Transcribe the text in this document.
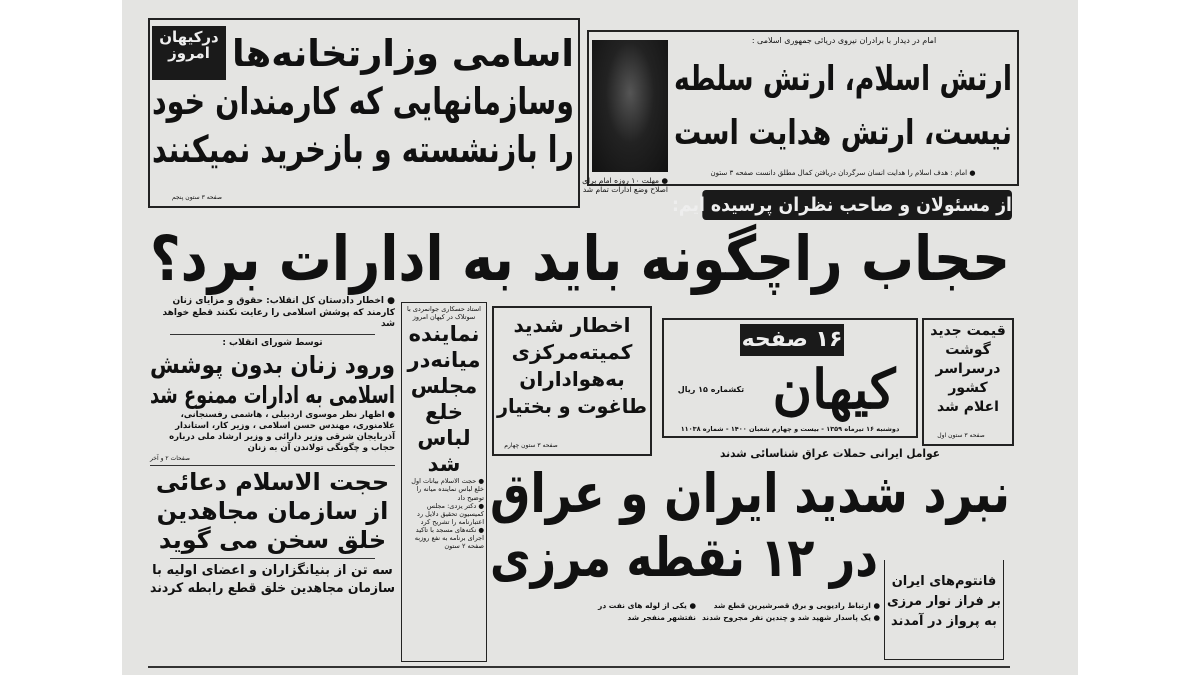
درکیهان
امروز اسامی وزارتخانه‌ها
وسازمانهایی که کارمندان خود
را بازنشسته و بازخرید نمیکنند
صفحه ۳ ستون پنجم
امام در دیدار با برادران نیروی دریائی جمهوری اسلامی :
ارتش اسلام، ارتش سلطه
نیست، ارتش هدایت است
● امام : هدف اسلام را هدایت انسان سرگردان دریافتن کمال مطلق دانست صفحه ۳ ستون
● مهلت ۱۰ روزه امام برای اصلاح وضع ادارات تمام شد
از مسئولان و صاحب نظران پرسیده ایم:
حجاب راچگونه باید به ادارات برد؟
● اخطار دادستان کل انقلاب: حقوق و مزایای زنان کارمند که پوشش اسلامی را رعایت نکنند قطع خواهد شد
توسط شورای انقلاب :
ورود زنان بدون پوشش
اسلامی به ادارات ممنوع شد
● اظهار نظر موسوی اردبیلی ، هاشمی رفسنجانی، علامنوری، مهندس حسن اسلامی ، وزیر کار، استاندار آذربایجان شرقی وزیر دارائی و وزیر ارشاد ملی درباره حجاب و چگونگی تولاندن آن به زنان
صفحات ۲ و آخر
حجت الاسلام دعائی
از سازمان مجاهدین
خلق سخن می گوید
سه تن از بنیانگزاران و اعضای اولیه با
سازمان مجاهدین خلق قطع رابطه کردند
استاد حسکاری جوانمردی با سوتلاک در کیهان امروز
نماینده
میانه‌در
مجلس
خلع
لباس
شد
● حجت الاسلام بیانات اول خلع لباس نماینده میانه را توضیح داد
● دکتر یزدی: مجلس کمیسیون تحقیق دلایل رد اعتبارنامه را تشریح کرد
● نکته‌های مسجد با تاکید اجرای برنامه به نفع روزبه
صفحه ۲ ستون
اخطار شدید
کمیته‌مرکزی
به‌هواداران
طاغوت و بختیار
صفحه ۳ ستون چهارم
۱۶ صفحه
کیهان
تکشماره ۱۵ ریال
دوشنبه ۱۶ تیرماه ۱۳۵۹ - بیست و چهارم شعبان ۱۴۰۰ - شماره ۱۱۰۳۸
قیمت جدید
گوشت
درسراسر
کشور
اعلام شد
صفحه ۳ ستون اول
عوامل ایرانی حملات عراق شناسائی شدند
نبرد شدید ایران و عراق
در ۱۲ نقطه مرزی
● ارتباط رادیویی و برق قصرشیرین قطع شد
● یک پاسدار شهید شد و چندین نفر مجروح شدند
● یکی از لوله های نفت در نفتشهر منفجر شد
فانتوم‌های ایران
بر فراز نوار مرزی
به پرواز در آمدند
